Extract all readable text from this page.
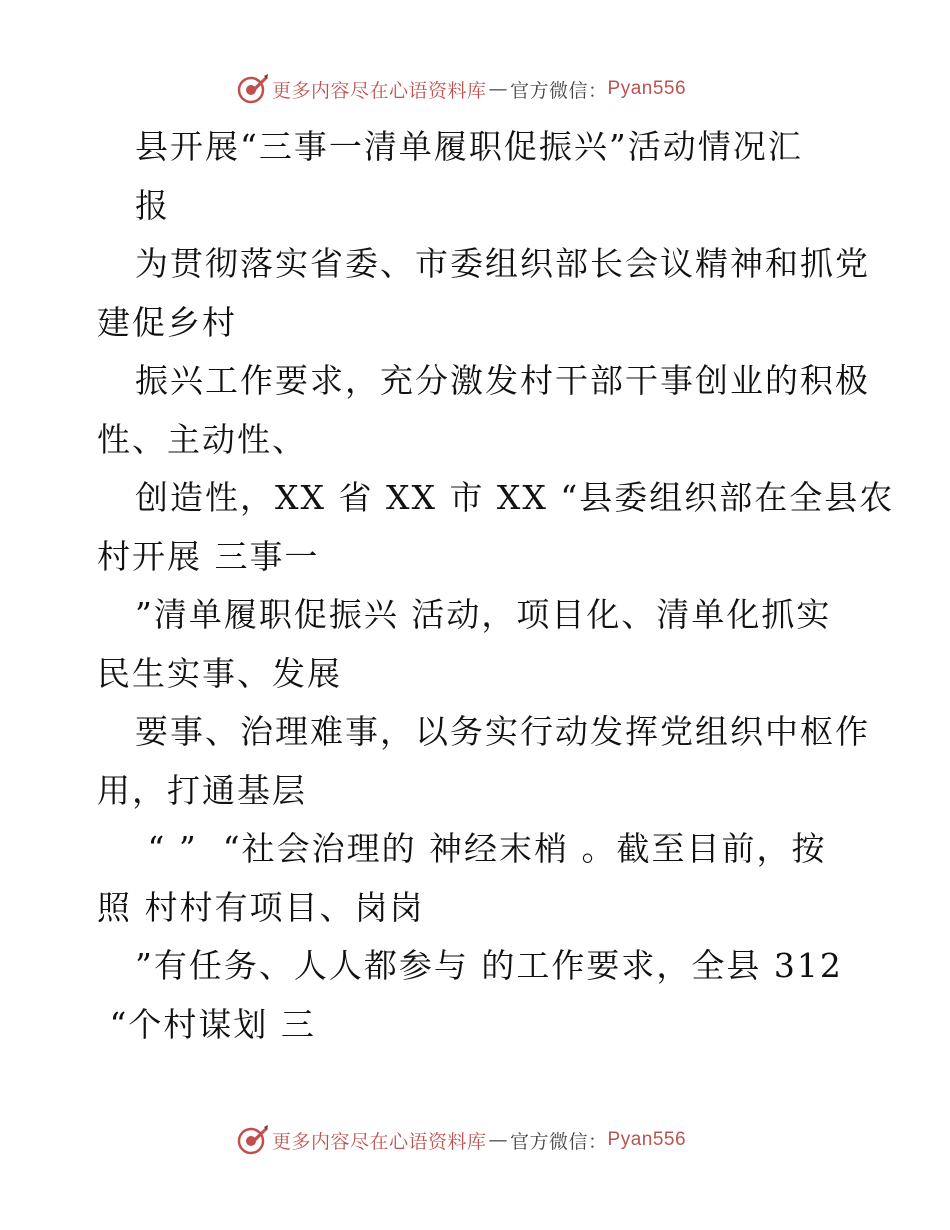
更多内容尽在心语资料库 — 官方微信： Pyan556
县开展“三事一清单履职促振兴”活动情况汇
报
为贯彻落实省委、市委组织部长会议精神和抓党
建促乡村
振兴工作要求，充分激发村干部干事创业的积极
性、主动性、
创造性，XX 省 XX 市 XX “县委组织部在全县农
村开展 三事一
”清单履职促振兴 活动，项目化、清单化抓实
民生实事、发展
要事、治理难事，以务实行动发挥党组织中枢作
用，打通基层
“ ”  “社会治理的 神经末梢 。截至目前，按
照 村村有项目、岗岗
”有任务、人人都参与 的工作要求，全县 312
“个村谋划 三
更多内容尽在心语资料库 — 官方微信： Pyan556
